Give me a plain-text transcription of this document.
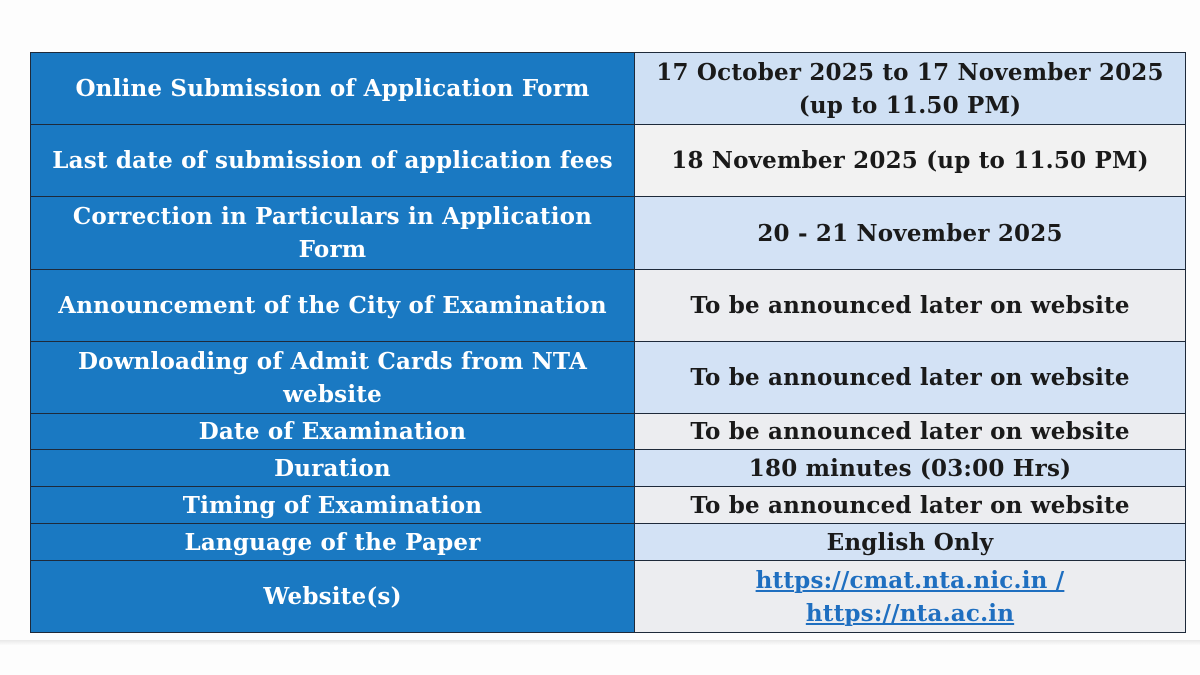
Online Submission of Application Form	17 October 2025 to 17 November 2025 (up to 11.50 PM)
Last date of submission of application fees	18 November 2025 (up to 11.50 PM)
Correction in Particulars in Application Form	20 - 21 November 2025
Announcement of the City of Examination	To be announced later on website
Downloading of Admit Cards from NTA website	To be announced later on website
Date of Examination	To be announced later on website
Duration	180 minutes (03:00 Hrs)
Timing of Examination	To be announced later on website
Language of the Paper	English Only
Website(s)	https://cmat.nta.nic.in /
https://nta.ac.in
